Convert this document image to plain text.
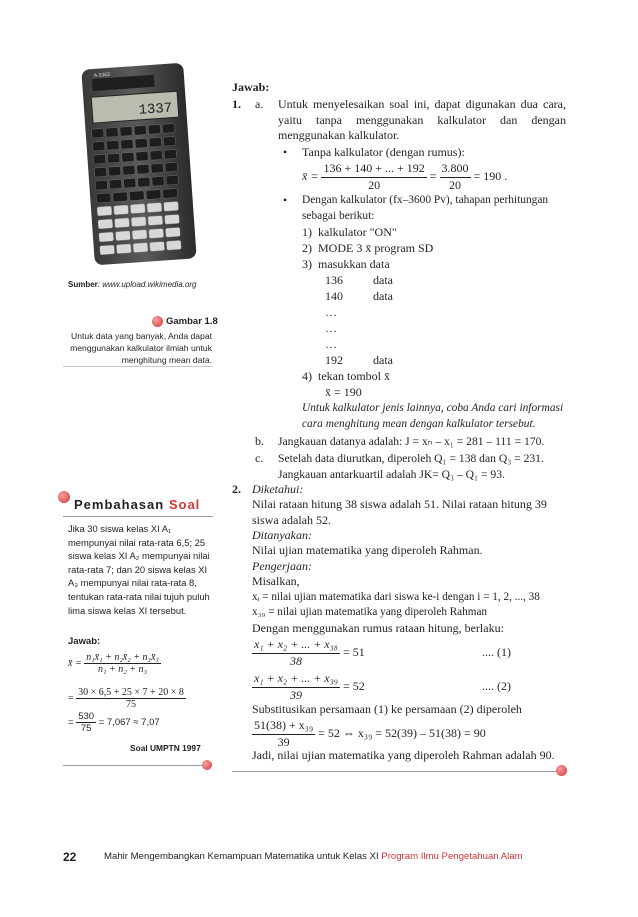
A-3363
1337
Sumber: www.upload.wikimedia.org
Gambar 1.8
Untuk data yang banyak, Anda dapat menggunakan kalkulator ilmiah untuk menghitung mean data.
Pembahasan Soal
Jika 30 siswa kelas XI A₁ mempunyai nilai rata-rata 6,5; 25 siswa kelas XI A₂ mempunyai nilai rata-rata 7; dan 20 siswa kelas XI A₃ mempunyai nilai rata-rata 8, tentukan rata-rata nilai tujuh puluh lima siswa kelas XI tersebut.
Jawab:
x̄ = $\frac{\text{n₁x̄₁ + n₂x̄₂ + n₃x̄₃}}{\text{n₁ + n₂ + n₃}}$
= $\frac{30 \times 6,5 + 25 \times 7 + 20 \times 8}{75}$
= $\frac{530}{75} = 7,067 \approx 7,07$
Soal UMPTN 1997
Jawab:
1. a. Untuk menyelesaikan soal ini, dapat digunakan dua cara, yaitu tanpa menggunakan kalkulator dan dengan menggunakan kalkulator.
• Tanpa kalkulator (dengan rumus):
x̄ = $\frac{136 + 140 + ... + 192}{20} = \frac{3.800}{20} = 190$ .
• Dengan kalkulator (fx–3600 Pv), tahapan perhitungan sebagai berikut:
1) kalkulator "ON"
2) MODE 3 x̄ program SD
3) masukkan data
136	data
140	data
…
…
…
192	data
4) tekan tombol x̄
x̄ = 190
Untuk kalkulator jenis lainnya, coba Anda cari informasi cara menghitung mean dengan kalkulator tersebut.
b. Jangkauan datanya adalah: J = xₙ – x₁ = 281 – 111 = 170.
c. Setelah data diurutkan, diperoleh Q₁ = 138 dan Q₃ = 231.
Jangkauan antarkuartil adalah JK= Q₃ – Q₁ = 93.
2. Diketahui:
Nilai rataan hitung 38 siswa adalah 51. Nilai rataan hitung 39 siswa adalah 52.
Ditanyakan:
Nilai ujian matematika yang diperoleh Rahman.
Pengerjaan:
Misalkan,
xᵢ = nilai ujian matematika dari siswa ke-i dengan i = 1, 2, ..., 38
x₃₉ = nilai ujian matematika yang diperoleh Rahman
Dengan menggunakan rumus rataan hitung, berlaku:
$\frac{\text{x₁ + x₂ + ... + x₃₈}}{38} = 51$	.... (1)
$\frac{\text{x₁ + x₂ + ... + x₃₉}}{39} = 52$	.... (2)
Substitusikan persamaan (1) ke persamaan (2) diperoleh
$\frac{\text{51(38) + x₃₉}}{39} = 52$ ⇔ x₃₉ = 52(39) – 51(38) = 90
Jadi, nilai ujian matematika yang diperoleh Rahman adalah 90.
22	Mahir Mengembangkan Kemampuan Matematika untuk Kelas XI Program Ilmu Pengetahuan Alam
